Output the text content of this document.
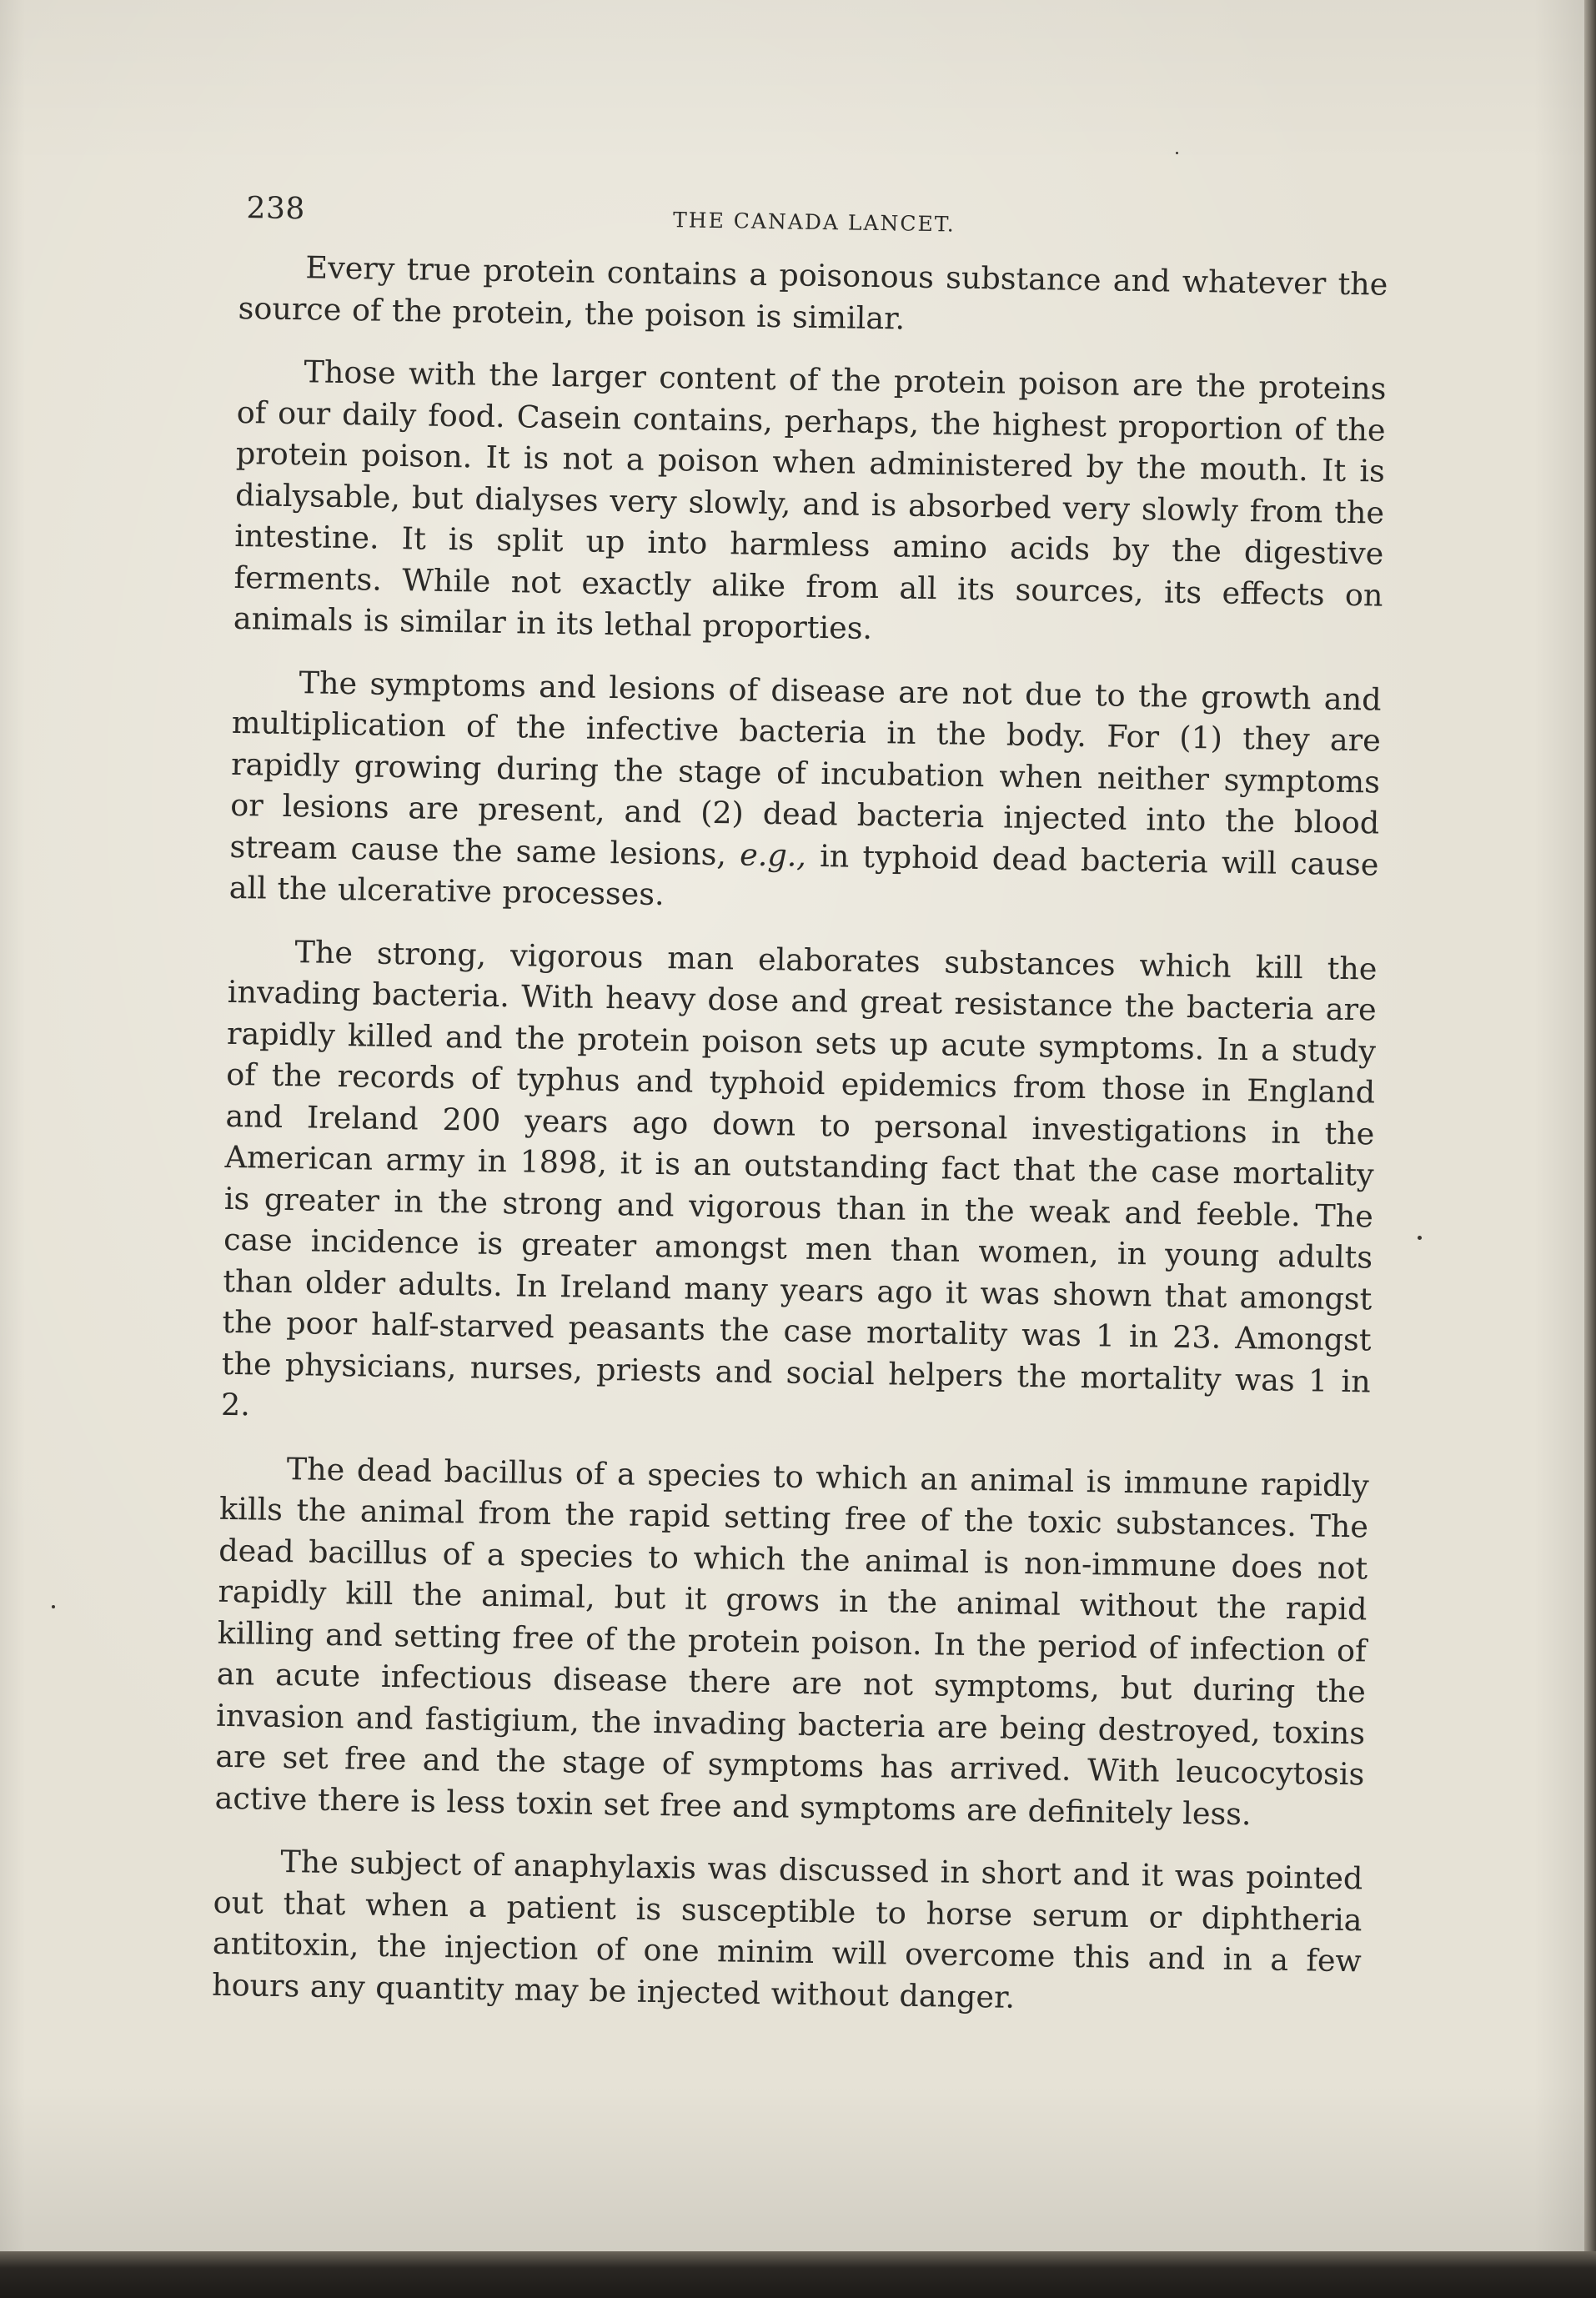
238	THE CANADA LANCET.

Every true protein contains a poisonous substance and whatever the source of the protein, the poison is similar.

Those with the larger content of the protein poison are the proteins of our daily food. Casein contains, perhaps, the highest proportion of the protein poison. It is not a poison when administered by the mouth. It is dialysable, but dialyses very slowly, and is absorbed very slowly from the intestine. It is split up into harmless amino acids by the digestive ferments. While not exactly alike from all its sources, its effects on animals is similar in its lethal proporties.

The symptoms and lesions of disease are not due to the growth and multiplication of the infective bacteria in the body. For (1) they are rapidly growing during the stage of incubation when neither symptoms or lesions are present, and (2) dead bacteria injected into the blood stream cause the same lesions, e.g., in typhoid dead bacteria will cause all the ulcerative processes.

The strong, vigorous man elaborates substances which kill the invading bacteria. With heavy dose and great resistance the bacteria are rapidly killed and the protein poison sets up acute symptoms. In a study of the records of typhus and typhoid epidemics from those in England and Ireland 200 years ago down to personal investigations in the American army in 1898, it is an outstanding fact that the case mortality is greater in the strong and vigorous than in the weak and feeble. The case incidence is greater amongst men than women, in young adults than older adults. In Ireland many years ago it was shown that amongst the poor half-starved peasants the case mortality was 1 in 23. Amongst the physicians, nurses, priests and social helpers the mortality was 1 in 2.

The dead bacillus of a species to which an animal is immune rapidly kills the animal from the rapid setting free of the toxic substances. The dead bacillus of a species to which the animal is non-immune does not rapidly kill the animal, but it grows in the animal without the rapid killing and setting free of the protein poison. In the period of infection of an acute infectious disease there are not symptoms, but during the invasion and fastigium, the invading bacteria are being destroyed, toxins are set free and the stage of symptoms has arrived. With leucocytosis active there is less toxin set free and symptoms are definitely less.

The subject of anaphylaxis was discussed in short and it was pointed out that when a patient is susceptible to horse serum or diphtheria antitoxin, the injection of one minim will overcome this and in a few hours any quantity may be injected without danger.
